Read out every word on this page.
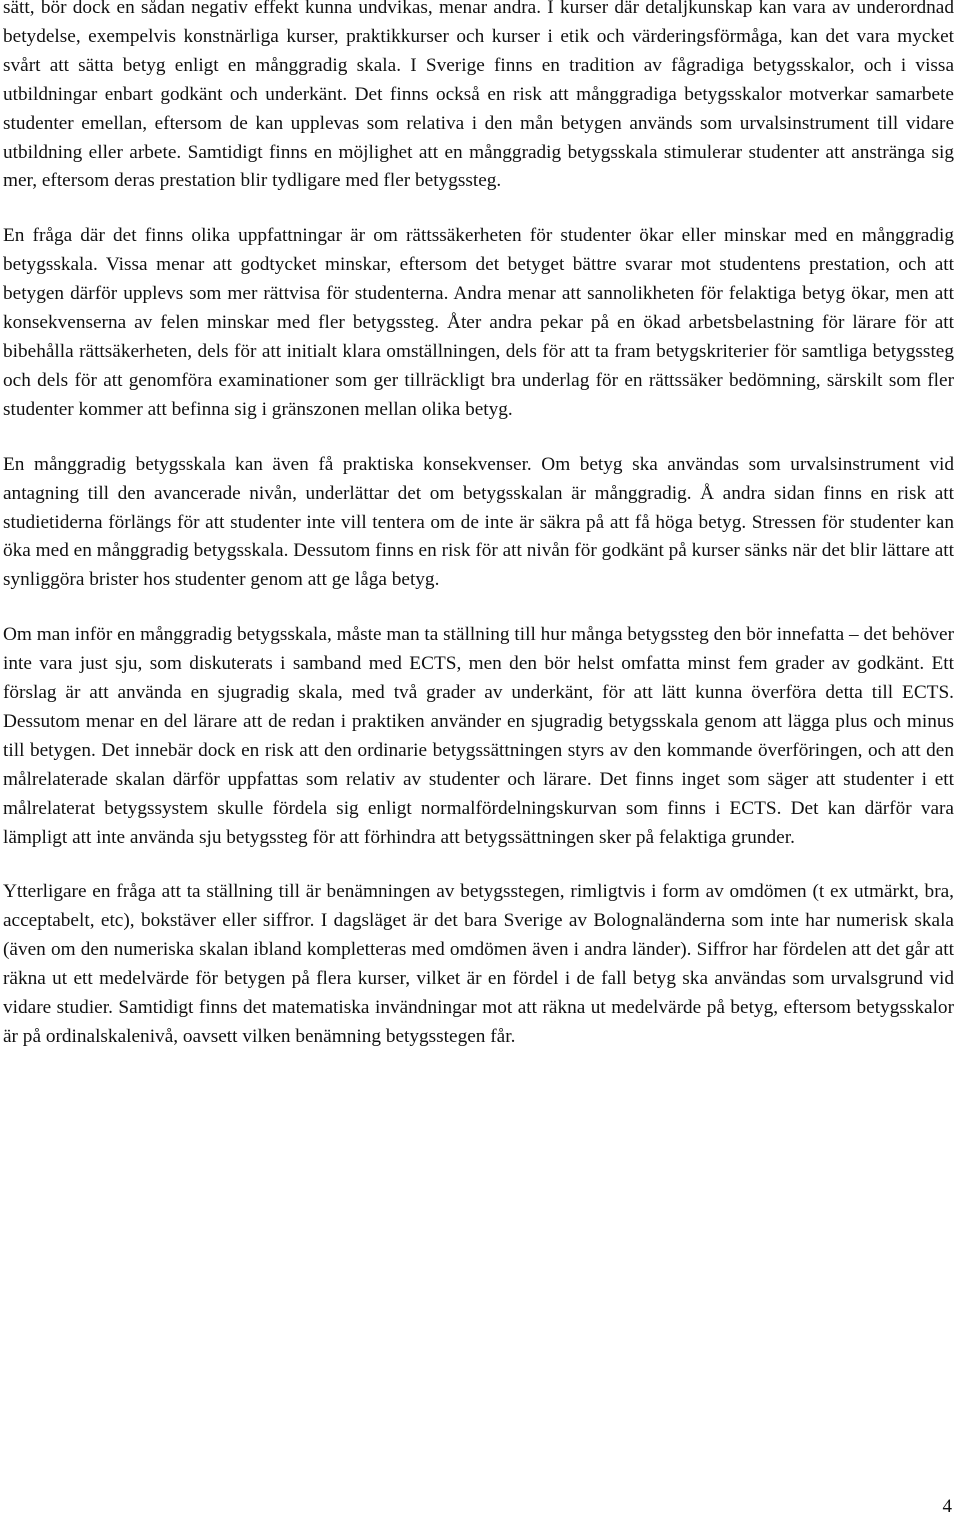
sätt, bör dock en sådan negativ effekt kunna undvikas, menar andra. I kurser där detaljkunskap kan vara av underordnad betydelse, exempelvis konstnärliga kurser, praktikkurser och kurser i etik och värderingsförmåga, kan det vara mycket svårt att sätta betyg enligt en månggradig skala. I Sverige finns en tradition av fågradiga betygsskalor, och i vissa utbildningar enbart godkänt och underkänt. Det finns också en risk att månggradiga betygsskalor motverkar samarbete studenter emellan, eftersom de kan upplevas som relativa i den mån betygen används som urvalsinstrument till vidare utbildning eller arbete. Samtidigt finns en möjlighet att en månggradig betygsskala stimulerar studenter att anstränga sig mer, eftersom deras prestation blir tydligare med fler betygssteg.

En fråga där det finns olika uppfattningar är om rättssäkerheten för studenter ökar eller minskar med en månggradig betygsskala. Vissa menar att godtycket minskar, eftersom det betyget bättre svarar mot studentens prestation, och att betygen därför upplevs som mer rättvisa för studenterna. Andra menar att sannolikheten för felaktiga betyg ökar, men att konsekvenserna av felen minskar med fler betygssteg. Åter andra pekar på en ökad arbetsbelastning för lärare för att bibehålla rättsäkerheten, dels för att initialt klara omställningen, dels för att ta fram betygskriterier för samtliga betygssteg och dels för att genomföra examinationer som ger tillräckligt bra underlag för en rättssäker bedömning, särskilt som fler studenter kommer att befinna sig i gränszonen mellan olika betyg.

En månggradig betygsskala kan även få praktiska konsekvenser. Om betyg ska användas som urvalsinstrument vid antagning till den avancerade nivån, underlättar det om betygsskalan är månggradig. Å andra sidan finns en risk att studietiderna förlängs för att studenter inte vill tentera om de inte är säkra på att få höga betyg. Stressen för studenter kan öka med en månggradig betygsskala. Dessutom finns en risk för att nivån för godkänt på kurser sänks när det blir lättare att synliggöra brister hos studenter genom att ge låga betyg.

Om man inför en månggradig betygsskala, måste man ta ställning till hur många betygssteg den bör innefatta – det behöver inte vara just sju, som diskuterats i samband med ECTS, men den bör helst omfatta minst fem grader av godkänt. Ett förslag är att använda en sjugradig skala, med två grader av underkänt, för att lätt kunna överföra detta till ECTS. Dessutom menar en del lärare att de redan i praktiken använder en sjugradig betygsskala genom att lägga plus och minus till betygen. Det innebär dock en risk att den ordinarie betygssättningen styrs av den kommande överföringen, och att den målrelaterade skalan därför uppfattas som relativ av studenter och lärare. Det finns inget som säger att studenter i ett målrelaterat betygssystem skulle fördela sig enligt normalfördelningskurvan som finns i ECTS. Det kan därför vara lämpligt att inte använda sju betygssteg för att förhindra att betygssättningen sker på felaktiga grunder.

Ytterligare en fråga att ta ställning till är benämningen av betygsstegen, rimligtvis i form av omdömen (t ex utmärkt, bra, acceptabelt, etc), bokstäver eller siffror. I dagsläget är det bara Sverige av Bolognaländerna som inte har numerisk skala (även om den numeriska skalan ibland kompletteras med omdömen även i andra länder). Siffror har fördelen att det går att räkna ut ett medelvärde för betygen på flera kurser, vilket är en fördel i de fall betyg ska användas som urvalsgrund vid vidare studier. Samtidigt finns det matematiska invändningar mot att räkna ut medelvärde på betyg, eftersom betygsskalor är på ordinalskalenivå, oavsett vilken benämning betygsstegen får.

4
